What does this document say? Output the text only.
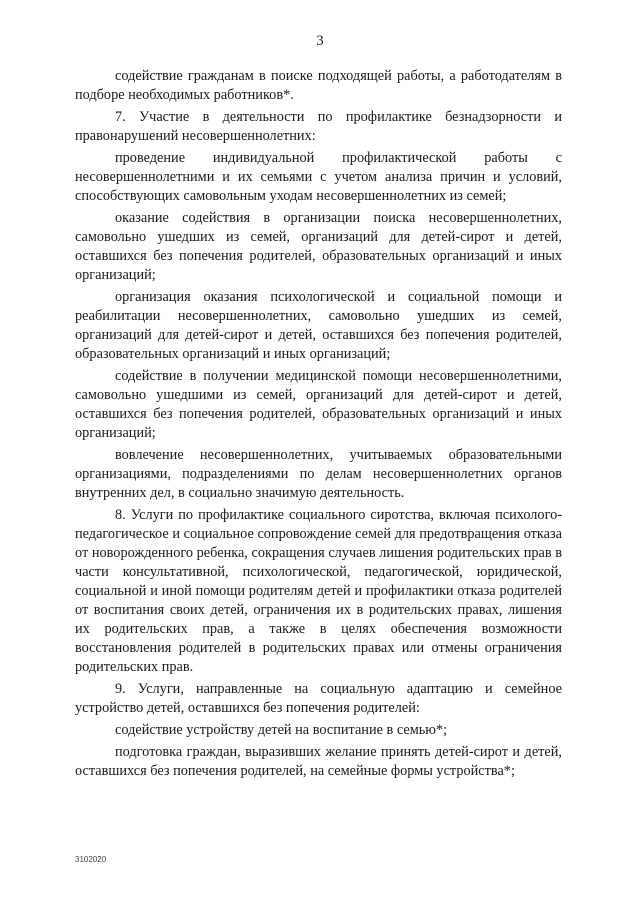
3

содействие гражданам в поиске подходящей работы, а работодателям в подборе необходимых работников*.

7. Участие в деятельности по профилактике безнадзорности и правонарушений несовершеннолетних:

проведение индивидуальной профилактической работы с несовершеннолетними и их семьями с учетом анализа причин и условий, способствующих самовольным уходам несовершеннолетних из семей;

оказание содействия в организации поиска несовершеннолетних, самовольно ушедших из семей, организаций для детей-сирот и детей, оставшихся без попечения родителей, образовательных организаций и иных организаций;

организация оказания психологической и социальной помощи и реабилитации несовершеннолетних, самовольно ушедших из семей, организаций для детей-сирот и детей, оставшихся без попечения родителей, образовательных организаций и иных организаций;

содействие в получении медицинской помощи несовершеннолетними, самовольно ушедшими из семей, организаций для детей-сирот и детей, оставшихся без попечения родителей, образовательных организаций и иных организаций;

вовлечение несовершеннолетних, учитываемых образовательными организациями, подразделениями по делам несовершеннолетних органов внутренних дел, в социально значимую деятельность.

8. Услуги по профилактике социального сиротства, включая психолого-педагогическое и социальное сопровождение семей для предотвращения отказа от новорожденного ребенка, сокращения случаев лишения родительских прав в части консультативной, психологической, педагогической, юридической, социальной и иной помощи родителям детей и профилактики отказа родителей от воспитания своих детей, ограничения их в родительских правах, лишения их родительских прав, а также в целях обеспечения возможности восстановления родителей в родительских правах или отмены ограничения родительских прав.

9. Услуги, направленные на социальную адаптацию и семейное устройство детей, оставшихся без попечения родителей:

содействие устройству детей на воспитание в семью*;

подготовка граждан, выразивших желание принять детей-сирот и детей, оставшихся без попечения родителей, на семейные формы устройства*;

3102020
